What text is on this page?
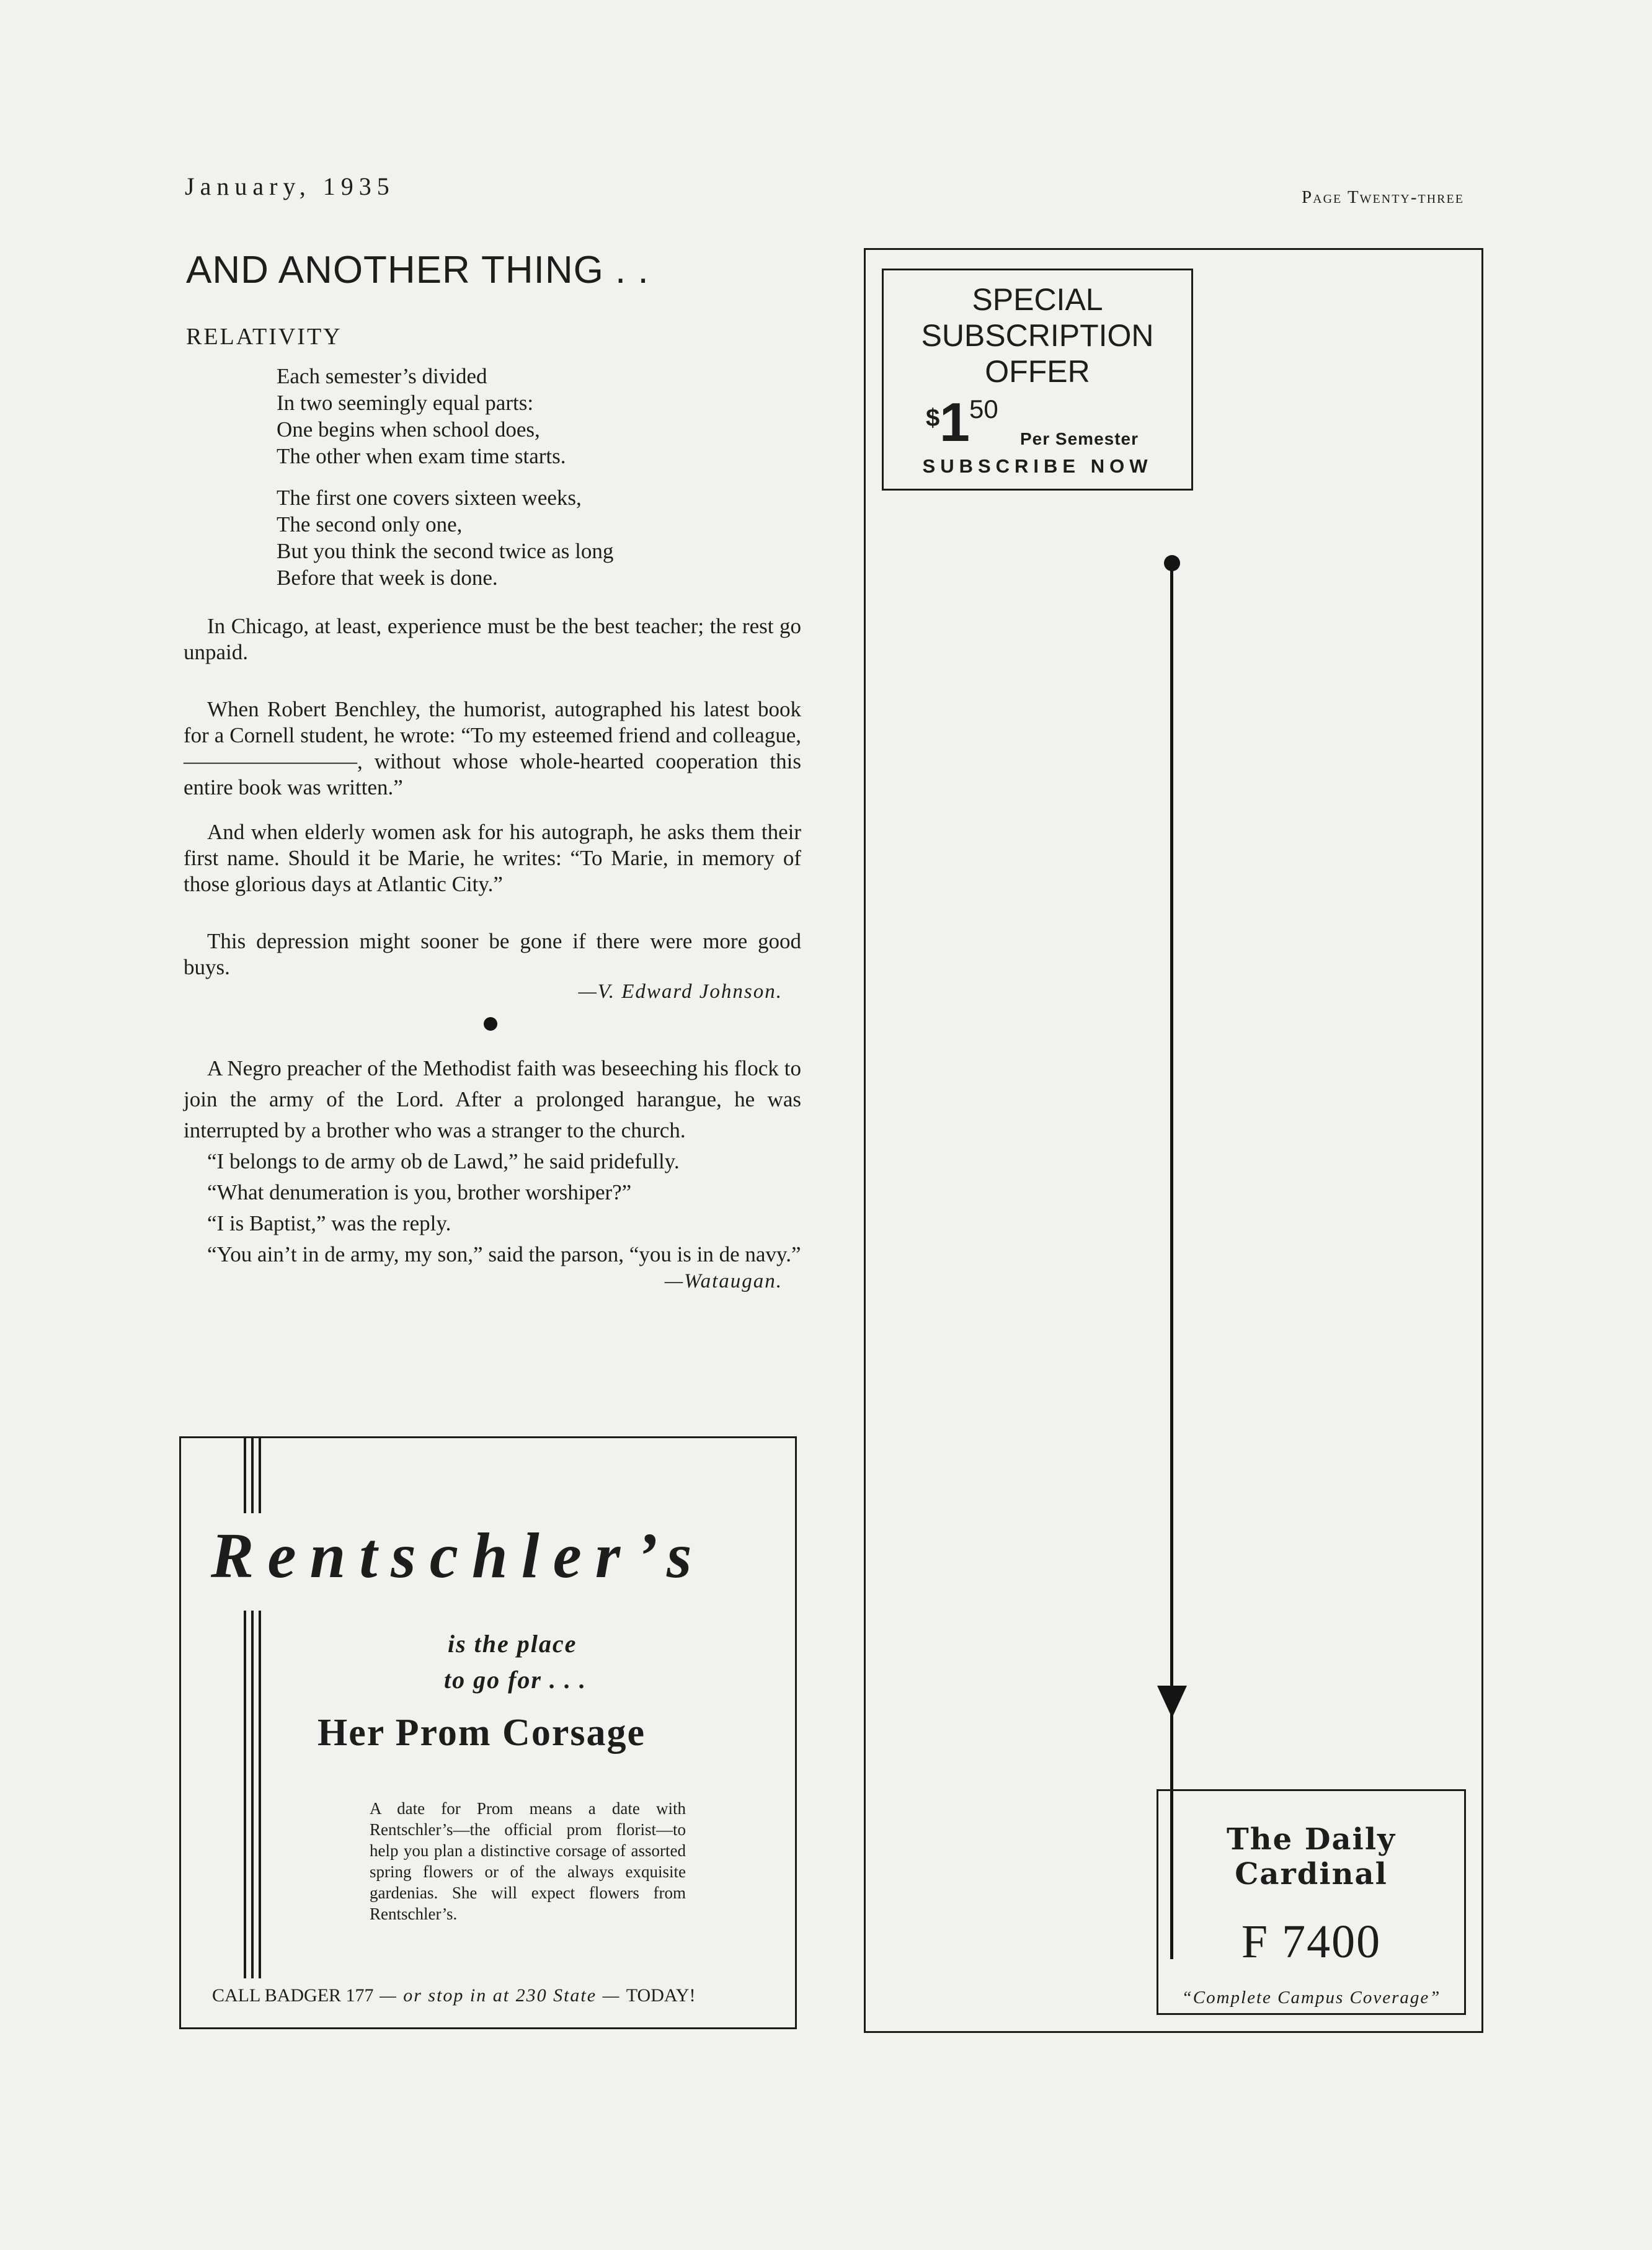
January, 1935	Page Twenty-three
AND ANOTHER THING . .
RELATIVITY
Each semester’s divided
In two seemingly equal parts:
One begins when school does,
The other when exam time starts.
The first one covers sixteen weeks,
The second only one,
But you think the second twice as long
Before that week is done.

In Chicago, at least, experience must be the best teacher; the rest go unpaid.

When Robert Benchley, the humorist, autographed his latest book for a Cornell student, he wrote: “To my esteemed friend and colleague, ————————, without whose whole-hearted cooperation this entire book was written.”

And when elderly women ask for his autograph, he asks them their first name. Should it be Marie, he writes: “To Marie, in memory of those glorious days at Atlantic City.”

This depression might sooner be gone if there were more good buys.

—V. Edward Johnson.

A Negro preacher of the Methodist faith was beseeching his flock to join the army of the Lord. After a prolonged harangue, he was interrupted by a brother who was a stranger to the church.

“I belongs to de army ob de Lawd,” he said pridefully.

“What denumeration is you, brother worshiper?”

“I is Baptist,” was the reply.

“You ain’t in de army, my son,” said the parson, “you is in de navy.”

—Wataugan.
Rentschler’s
is the place
to go for . . .
Her Prom Corsage
A date for Prom means a date with Rentschler’s—the official prom florist—to help you plan a distinctive corsage of assorted spring flowers or of the always exquisite gardenias. She will expect flowers from Rentschler’s.
CALL BADGER 177 — or stop in at 230 State — TODAY!
SPECIAL
SUBSCRIPTION
OFFER
$ 1 50
Per Semester
SUBSCRIBE NOW
The Daily Cardinal
F 7400
“Complete Campus Coverage”
